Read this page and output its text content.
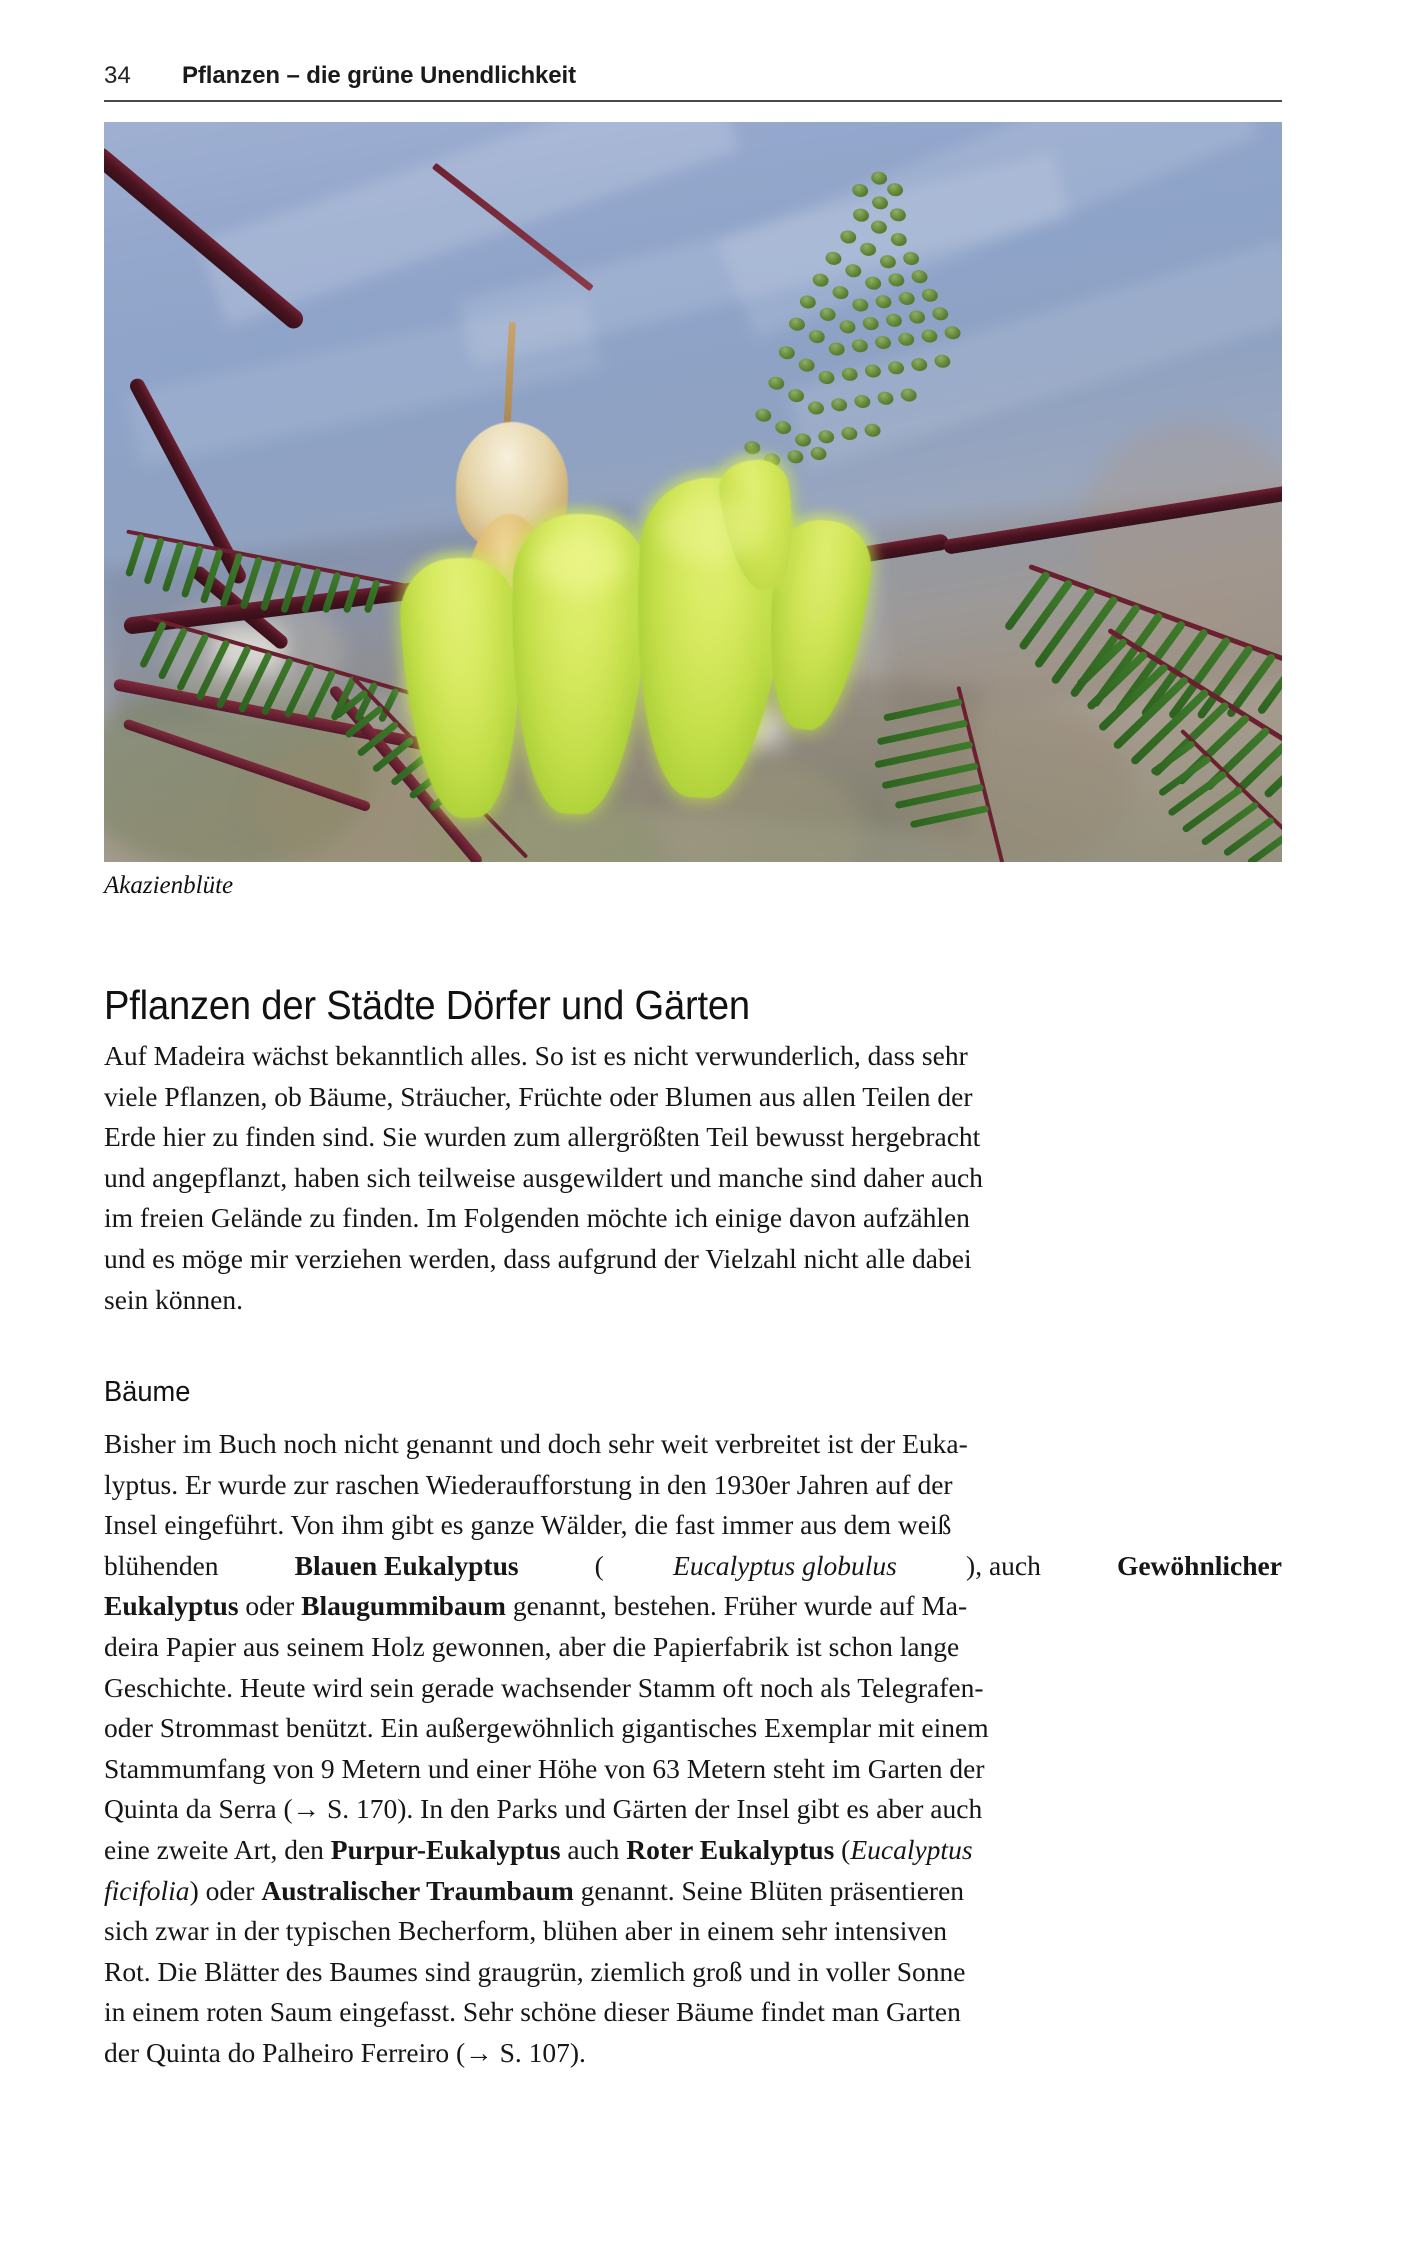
34	Pflanzen – die grüne Unendlichkeit
Akazienblüte
Pflanzen der Städte Dörfer und Gärten
Auf Madeira wächst bekanntlich alles. So ist es nicht verwunderlich, dass sehr
viele Pflanzen, ob Bäume, Sträucher, Früchte oder Blumen aus allen Teilen der
Erde hier zu finden sind. Sie wurden zum allergrößten Teil bewusst hergebracht
und angepflanzt, haben sich teilweise ausgewildert und manche sind daher auch
im freien Gelände zu finden. Im Folgenden möchte ich einige davon aufzählen
und es möge mir verziehen werden, dass aufgrund der Vielzahl nicht alle dabei
sein können.
Bäume
Bisher im Buch noch nicht genannt und doch sehr weit verbreitet ist der Euka-
lyptus. Er wurde zur raschen Wiederaufforstung in den 1930er Jahren auf der
Insel eingeführt. Von ihm gibt es ganze Wälder, die fast immer aus dem weiß
blühenden	Blauen Eukalyptus	(	Eucalyptus globulus	), auch	Gewöhnlicher
Eukalyptus oder Blaugummibaum genannt, bestehen. Früher wurde auf Ma-
deira Papier aus seinem Holz gewonnen, aber die Papierfabrik ist schon lange
Geschichte. Heute wird sein gerade wachsender Stamm oft noch als Telegrafen-
oder Strommast benützt. Ein außergewöhnlich gigantisches Exemplar mit einem
Stammumfang von 9 Metern und einer Höhe von 63 Metern steht im Garten der
Quinta da Serra (→ S. 170). In den Parks und Gärten der Insel gibt es aber auch
eine zweite Art, den Purpur-Eukalyptus auch Roter Eukalyptus (Eucalyptus
ficifolia) oder Australischer Traumbaum genannt. Seine Blüten präsentieren
sich zwar in der typischen Becherform, blühen aber in einem sehr intensiven
Rot. Die Blätter des Baumes sind graugrün, ziemlich groß und in voller Sonne
in einem roten Saum eingefasst. Sehr schöne dieser Bäume findet man Garten
der Quinta do Palheiro Ferreiro (→ S. 107).
